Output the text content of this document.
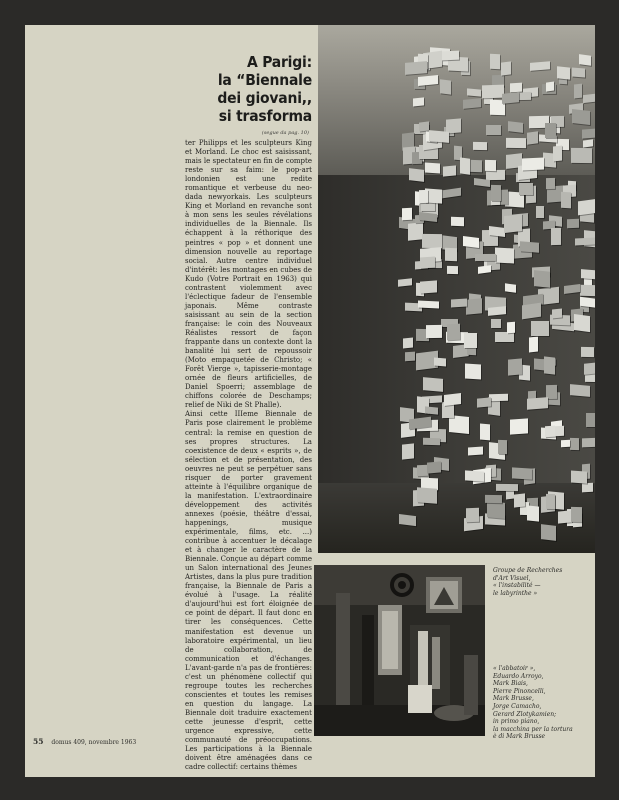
A Parigi:
la “Biennale
dei giovani,,
si trasforma
(segue da pag. 10)

ter Philipps et les sculpteurs King et Morland. Le choc est saisissant, mais le spectateur en fin de compte reste sur sa faim: le pop-art londonien est une redite romantique et verbeuse du neo-dada newyorkais. Les sculpteurs King et Morland en revanche sont à mon sens les seules révélations individuelles de la Biennale. Ils échappent à la réthorique des peintres « pop » et donnent une dimension nouvelle au reportage social. Autre centre individuel d'intérêt: les montages en cubes de Kudo (Votre Portrait en 1963) qui contrastent violemment avec l'éclectique fadeur de l'ensemble japonais. Même contraste saisissant au sein de la section française: le coin des Nouveaux Réalistes ressort de façon frappante dans un contexte dont la banalité lui sert de repoussoir (Moto empaquetée de Christo; « Forêt Vierge », tapisserie-montage ornée de fleurs artificielles, de Daniel Spoerri; assemblage de chiffons colorée de Deschamps; relief de Niki de St Phalle).

Ainsi cette IIIeme Biennale de Paris pose clairement le problème central: la remise en question de ses propres structures. La coexistence de deux « esprits », de sélection et de présentation, des oeuvres ne peut se perpétuer sans risquer de porter gravement atteinte à l'équilibre organique de la manifestation. L'extraordinaire développement des activités annexes (poésie, théâtre d'essai, happenings, musique expérimentale, films, etc. ...) contribue à accentuer le décalage et à changer le caractère de la Biennale. Conçue au départ comme un Salon international des Jeunes Artistes, dans la plus pure tradition française, la Biennale de Paris a évolué à l'usage. La réalité d'aujourd'hui est fort éloignée de ce point de départ. Il faut donc en tirer les conséquences. Cette manifestation est devenue un laboratoire expérimental, un lieu de collaboration, de communication et d'échanges. L'avant-garde n'a pas de frontières: c'est un phénomène collectif qui regroupe toutes les recherches conscientes et toutes les remises en question du langage. La Biennale doit traduire exactement cette jeunesse d'esprit, cette urgence expressive, cette communauté de préoccupations. Les participations à la Biennale doivent être aménagées dans ce cadre collectif: certains thèmes

Groupe de Recherches
d'Art Visuel,
« l'instabilité —
le labyrinthe »
« l'abbatoir »,
Eduardo Arroyo,
Mark Biais,
Pierre Pinoncelli,
Mark Brusse,
Jorge Camacho,
Gerard Zlotykamien;
in primo piano,
la macchina per la tortura
è di Mark Brusse
55 domus 409, novembre 1963
